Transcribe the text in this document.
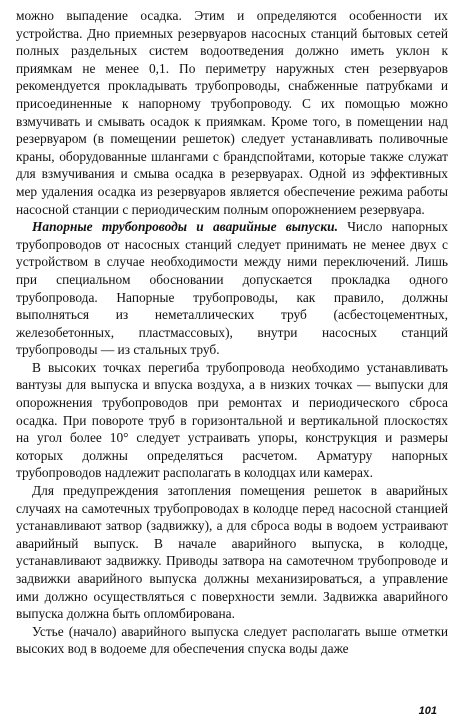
можно выпадение осадка. Этим и определяются особенности их устройства. Дно приемных резервуаров насосных станций бытовых сетей полных раздельных систем водоотведения должно иметь уклон к приямкам не менее 0,1. По периметру наружных стен резервуаров рекомендуется прокладывать трубопроводы, снабженные патрубками и присоединенные к напорному трубопроводу. С их помощью можно взмучивать и смывать осадок к приямкам. Кроме того, в помещении над резервуаром (в помещении решеток) следует устанавливать поливочные краны, оборудованные шлангами с брандспойтами, которые также служат для взмучивания и смыва осадка в резервуарах. Одной из эффективных мер удаления осадка из резервуаров является обеспечение режима работы насосной станции с периодическим полным опорожнением резервуара.

Напорные трубопроводы и аварийные выпуски. Число напорных трубопроводов от насосных станций следует принимать не менее двух с устройством в случае необходимости между ними переключений. Лишь при специальном обосновании допускается прокладка одного трубопровода. Напорные трубопроводы, как правило, должны выполняться из неметаллических труб (асбестоцементных, железобетонных, пластмассовых), внутри насосных станций трубопроводы — из стальных труб.

В высоких точках перегиба трубопровода необходимо устанавливать вантузы для выпуска и впуска воздуха, а в низких точках — выпуски для опорожнения трубопроводов при ремонтах и периодического сброса осадка. При повороте труб в горизонтальной и вертикальной плоскостях на угол более 10° следует устраивать упоры, конструкция и размеры которых должны определяться расчетом. Арматуру напорных трубопроводов надлежит располагать в колодцах или камерах.

Для предупреждения затопления помещения решеток в аварийных случаях на самотечных трубопроводах в колодце перед насосной станцией устанавливают затвор (задвижку), а для сброса воды в водоем устраивают аварийный выпуск. В начале аварийного выпуска, в колодце, устанавливают задвижку. Приводы затвора на самотечном трубопроводе и задвижки аварийного выпуска должны механизироваться, а управление ими должно осуществляться с поверхности земли. Задвижка аварийного выпуска должна быть опломбирована.

Устье (начало) аварийного выпуска следует располагать выше отметки высоких вод в водоеме для обеспечения спуска воды даже

101
